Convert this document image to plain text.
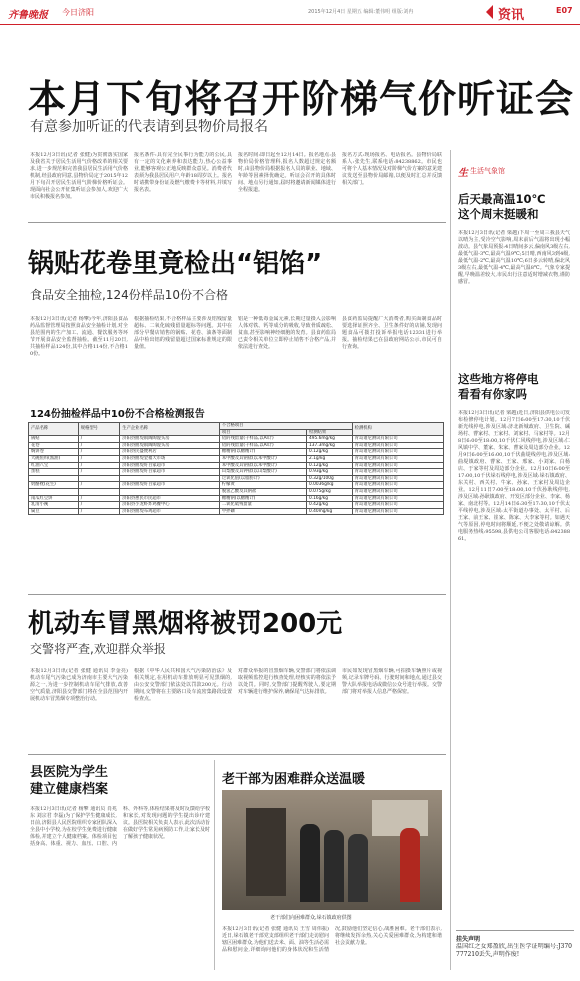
齐鲁晚报 今日济阳	2015年12月4日 星期五 编辑:董伟明 组版:刘冉	资讯	E07
本月下旬将召开阶梯气价听证会
有意参加听证的代表请到县物价局报名
本报12月3日讯(记者 张健)为贯彻落实国家及我省关于居民生活用气价格改革的相关要求,进一步规范和完善我县居民生活用气价格机制,经县政府同意,县物价局定于2015年12月下旬召开居民生活用气阶梯价格听证会。现面向社会公开征集听证会参加人,欢迎广大市民积极报名参加。
报名条件:具有完全民事行为能力的公民,具有一定的文化素养和表达能力,热心公益事业,能够客观公正地反映群众意见。消费者代表须为我县居民用户,年龄18周岁以上。报名时请携带身份证及燃气缴费卡等材料,并填写报名表。
报名时间:即日起至12月14日。报名地点:县物价局价格管理科,报名人数超过规定名额时,由县物价局根据报名人员的职业、地域、年龄等因素择优确定。听证会召开的具体时间、地点另行通知,届时将邀请新闻媒体进行全程报道。
报名方式:现场报名、电话报名。县物价局联系人:张先生,联系电话:84238862。市民也可将个人基本情况及对阶梯气价方案的意见建议发送至县物价局邮箱,以便及时汇总并反馈相关部门。
生 生活气象馆
后天最高温10℃
这个周末挺暖和
本报12月3日讯(记者 梁越)下周一至周三我县天气以晴为主,受冷空气影响,周末前后气温将出现小幅波动。县气象局预报:4日晴间多云,偏南风3级左右,最低气温-3℃,最高气温9℃;5日晴,西南风3到4级,最低气温-2℃,最高气温10℃;6日多云转晴,偏北风3级左右,最低气温-4℃,最高气温8℃。气象专家提醒,早晚温差较大,市民出行注意适时增减衣物,谨防感冒。
这些地方将停电
看看有你家吗
本报12月3日讯(记者 梁越)近日,济阳县供电公司发布检修停电计划。12月7日6:00至17:30,10千伏新光线停电,涉及区域:济北新城政府、卫生院、碱场村、曹家村、王家村、刘家村、马家村等。12月8日6:00至18:00,10千伏仁风线停电,涉及区域:仁风镇中学、董家、朱家、曹家及周边部分企业。12月9日6:00至16:00,10千伏曲堤线停电,涉及区域:曲堤镇政府、曹家、王家、邢家、小刘家、白杨店、于家等村及周边部分企业。12月10日6:00至17:00,10千伏垛石线停电,涉及区域:垛石镇政府、东关村、西关村、牛家、孙家、王家村及周边企业。12月11日7:00至18:00,10千伏孙耿线停电,涉及区域:孙耿镇政府、开发区部分企业、李家、杨家、南北村等。12月14日6:30至17:30,10千伏太平线停电,涉及区域:太平街道办事处、太平村、后王家、前王家、崔家、陈家、大李家等村。如遇天气等原因,停电时间将顺延,不便之处敬请谅解。供电服务热线:95598,县供电公司客服电话:84238861。
挂失声明
温国红之女郑盈欣,出生医学证明编号:J370777210丢失,声明作废!
锅贴花卷里竟检出“铝馅”
食品安全抽检,124份样品10份不合格
本报12月3日讯(记者 杨擎)今年,济阳县食品药品监督管理局按照食品安全抽检计划,对全县范围内的生产加工、流通、餐饮服务等环节开展食品安全监督抽检。截至11月20日,共抽检样品124份,其中合格114份,不合格10份。
根据抽检结果,不合格样品主要涉及铝残留量超标、二氧化硫残留量超标等问题。其中在部分早餐店销售的锅贴、花卷、油条等面制品中检出铝的残留量超过国家标准规定的限量值。
铝是一种低毒金属元素,长期过量摄入会影响人体对铁、钙等成分的吸收,导致骨质疏松、贫血,甚至影响神经细胞的发育。县食药监局已责令相关单位立即停止销售不合格产品,并依法进行查处。
县食药监局提醒广大消费者,购买面制食品时要选择证照齐全、卫生条件好的店铺,发现问题食品可拨打投诉举报电话12331进行举报。抽检结果已在县政府网站公示,市民可自行查询。
124份抽检样品中10份不合格检测报告
产品名称	规格型号	生产企业名称	不合格项目		检测机构
			项目	检测结果	
锅贴	/	济阳县曲堤镇陶陶馒头房	铝的残留量(干样品,以Al计)	495.6mg/kg	青岛谱尼测试有限公司
花卷	/	济阳县曲堤镇陶陶馒头房	铝的残留量(干样品,以Al计)	137.3mg/kg	青岛谱尼测试有限公司
焖饼卷	/	济阳县民盛便利店	糖精钠(以糖精计)	0.12g/kg	青岛谱尼测试有限公司
大碗鱼料(酱油)	/	济阳县曲堤金福大市场	苯甲酸及其钠盐(以苯甲酸计)	2.1g/kg	青岛谱尼测试有限公司
红油八宝	/	济阳县曲堤好百家超市	苯甲酸及其钠盐(以苯甲酸计)	0.12g/kg	青岛谱尼测试有限公司
蛋糕	/	济阳县曲堤好百家超市	山梨酸及其钾盐(以山梨酸计)	0.93g/kg	青岛谱尼测试有限公司
			过氧化值(以脂肪计)	0.32g/100g	青岛谱尼测试有限公司
奶酪枕(花生)	/	济阳县曲堤好百家超市	柠檬黄	0.0036g/kg	青岛谱尼测试有限公司
			脱氢乙酸及其钠盐	0.075g/kg	青岛谱尼测试有限公司
南瓜红豆饼	/	济阳县惠民市民超市	糖精钠(以糖精计)	0.16g/kg	青岛谱尼测试有限公司
乳清小溪	/	济阳县小龙虾炸鸡餐中心	二氧化硫残留量	0.42g/kg	青岛谱尼测试有限公司
扁豆	/	济阳县曲堤布鸡超市	甲拌磷	0.40mg/kg	青岛谱尼测试有限公司
机动车冒黑烟将被罚200元
交警将严查,欢迎群众举报
本报12月3日讯(记者 张健 通讯员 李金亮)机动车尾气污染已成为济南市主要大气污染源之一,为进一步控制机动车尾气排放,改善空气质量,济阳县交警部门将在全县范围内开展机动车冒黑烟专项整治行动。
根据《中华人民共和国大气污染防治法》及相关规定,在用机动车排放明显可见黑烟的,由公安交警部门依法处以罚款200元。行动期间,交警将在主要路口及车流密集路段设置检查点。
对群众举报的冒黑烟车辆,交警部门将依法调取视频监控进行核查处理,经核实的将依法予以处罚。同时,交警部门提醒驾驶人,要定期对车辆进行维护保养,确保尾气达标排放。
市民如发现冒黑烟车辆,可拍摄车辆照片或视频,记录车牌号码、行驶时间和地点,通过县交警大队举报电话或微信公众号进行举报。交警部门将对举报人信息严格保密。
县医院为学生
建立健康档案
本报12月3日讯(记者 杨擎 通讯员 肖兆东 刘宗君 李磊)为了保护学生健康成长,日前,济阳县人民医院组织专家团队深入全县中小学校,为在校学生免费进行健康体检,并建立个人健康档案。体检项目包括身高、体重、视力、血压、口腔、内科、外科等,体检结果将及时反馈给学校和家长,对发现问题的学生提出诊疗建议。县医院相关负责人表示,此次活动旨在做好学生常见病预防工作,让家长及时了解孩子健康状况。
老干部为困难群众送温暖
老干部们向困难群众,垛石镇政府供图
本报12月3日讯(记者 张健 通讯员 王雪 周伟振)近日,垛石镇老干部党支部组织老干部们走访慰问辖区困难群众,为他们送去米、面、油等生活必需品和慰问金,详细询问他们的身体状况和生活情况,鼓励他们坚定信心,战胜困难。老干部们表示,将继续发挥余热,关心关爱困难群众,为构建和谐社会贡献力量。
